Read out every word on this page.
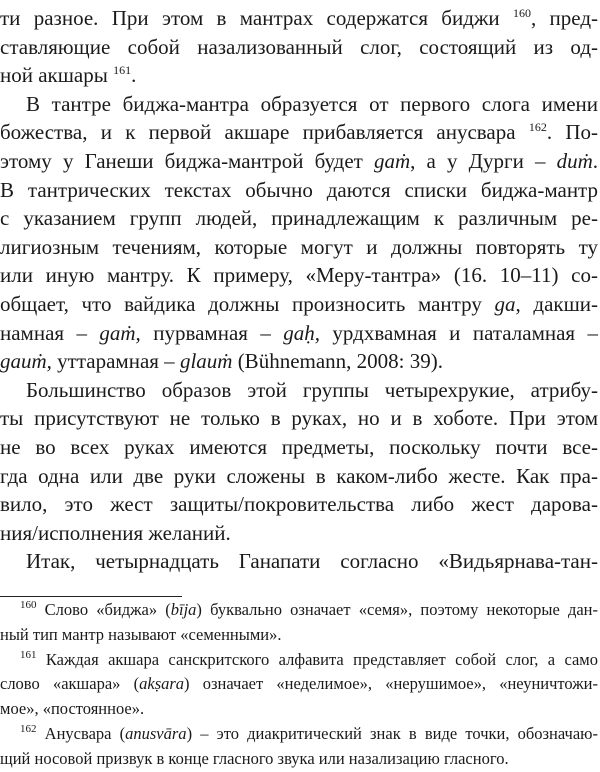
ти разное. При этом в мантрах содержатся биджи $^{160}$, пред-
ставляющие собой назализованный слог, состоящий из од-
ной акшары $^{161}$.
В тантре биджа-мантра образуется от первого слога имени
божества, и к первой акшаре прибавляется анусвара $^{162}$. По-
этому у Ганеши биджа-мантрой будет gaṁ, а у Дурги – duṁ.
В тантрических текстах обычно даются списки биджа-мантр
с указанием групп людей, принадлежащим к различным ре-
лигиозным течениям, которые могут и должны повторять ту
или иную мантру. К примеру, «Меру-тантра» (16. 10–11) со-
общает, что вайдика должны произносить мантру ga, дакши-
намная – gaṁ, пурвамная – gaḥ, урдхвамная и паталамная –
gauṁ, уттарамная – glauṁ (Bühnemann, 2008: 39).
Большинство образов этой группы четырехрукие, атрибу-
ты присутствуют не только в руках, но и в хоботе. При этом
не во всех руках имеются предметы, поскольку почти все-
гда одна или две руки сложены в каком-либо жесте. Как пра-
вило, это жест защиты/покровительства либо жест дарова-
ния/исполнения желаний.
Итак, четырнадцать Ганапати согласно «Видьярнава-тан-
$^{160}$ Слово «биджа» (bīja) буквально означает «семя», поэтому некоторые дан-
ный тип мантр называют «семенными».
$^{161}$ Каждая акшара санскритского алфавита представляет собой слог, а само
слово «акшара» (akṣara) означает «неделимое», «нерушимое», «неуничтожи-
мое», «постоянное».
$^{162}$ Анусвара (anusvāra) – это диакритический знак в виде точки, обозначаю-
щий носовой призвук в конце гласного звука или назализацию гласного.
